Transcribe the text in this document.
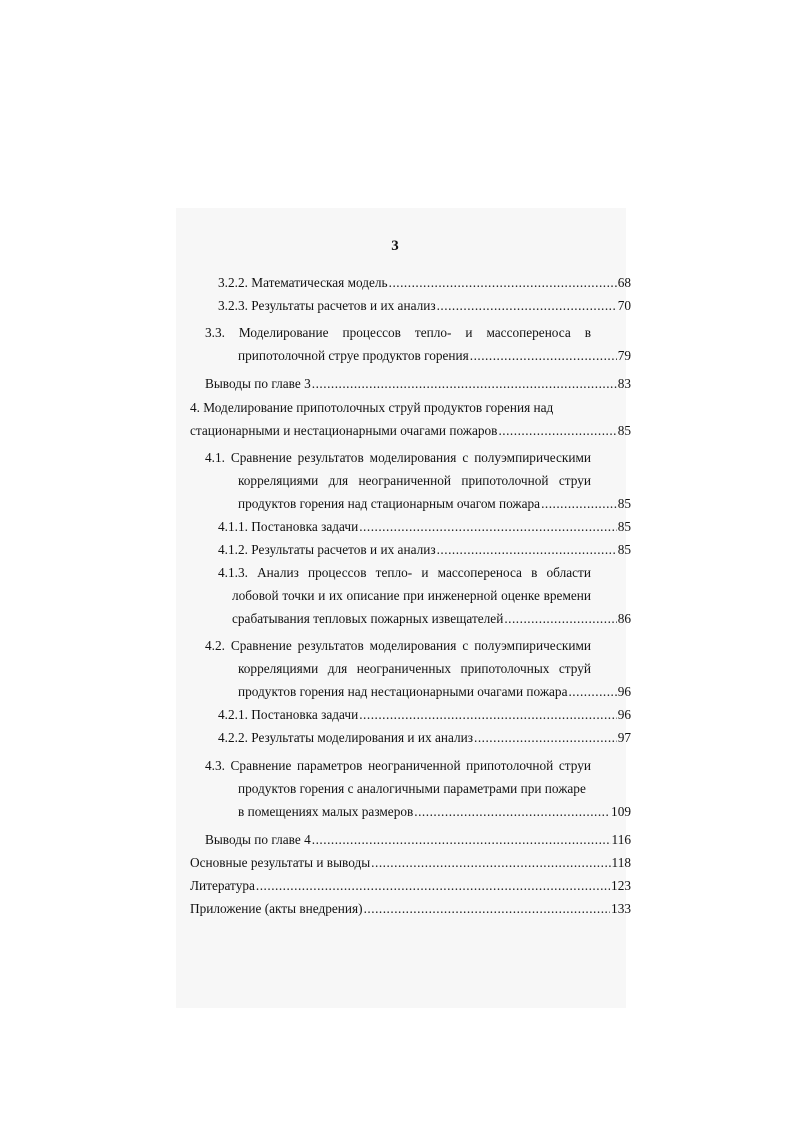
3
3.2.2. Математическая модель .....	68
3.2.3. Результаты расчетов и их анализ .....	70
3.3. Моделирование процессов тепло- и массопереноса в
припотолочной струе продуктов горения .....	79
Выводы по главе 3 .....	83
4. Моделирование припотолочных струй продуктов горения над
стационарными и нестационарными очагами пожаров .....	85
4.1. Сравнение результатов моделирования с полуэмпирическими
корреляциями для неограниченной припотолочной струи
продуктов горения над стационарным очагом пожара .....	85
4.1.1. Постановка задачи .....	85
4.1.2. Результаты расчетов и их анализ .....	85
4.1.3. Анализ процессов тепло- и массопереноса в области
лобовой точки и их описание при инженерной оценке времени
срабатывания тепловых пожарных извещателей .....	86
4.2. Сравнение результатов моделирования с полуэмпирическими
корреляциями для неограниченных припотолочных струй
продуктов горения над нестационарными очагами пожара .....	96
4.2.1. Постановка задачи .....	96
4.2.2. Результаты моделирования и их анализ .....	97
4.3. Сравнение параметров неограниченной припотолочной струи
продуктов горения с аналогичными параметрами при пожаре
в помещениях малых размеров .....	109
Выводы по главе 4 .....	116
Основные результаты и выводы .....	118
Литература .....	123
Приложение (акты внедрения) .....	133
